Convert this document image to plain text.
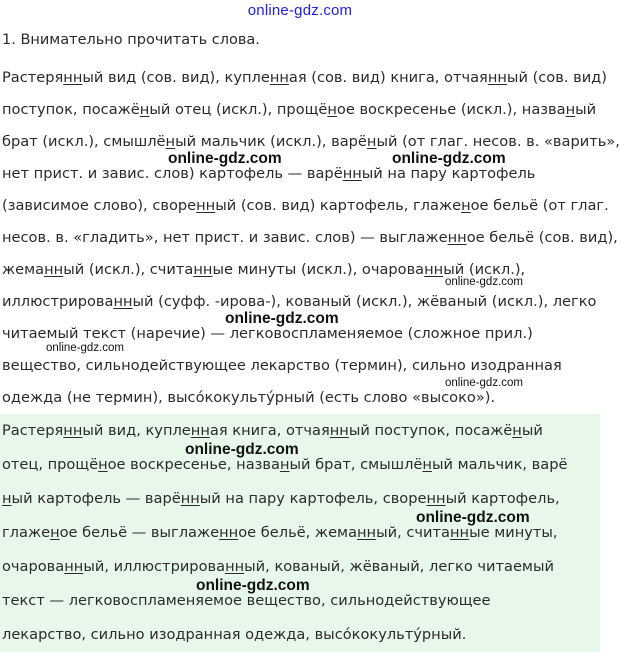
online-gdz.com
1. Внимательно прочитать слова.
Растерянный вид (сов. вид), купленная (сов. вид) книга, отчаянный (сов. вид)
поступок, посажёный отец (искл.), прощёное воскресенье (искл.), названый
брат (искл.), смышлёный мальчик (искл.), варёный (от глаг. несов. в. «варить»,
нет прист. и завис. слов) картофель — варённый на пару картофель
(зависимое слово), своренный (сов. вид) картофель, глаженое бельё (от глаг.
несов. в. «гладить», нет прист. и завис. слов) — выглаженное бельё (сов. вид),
жеманный (искл.), считанные минуты (искл.), очарованный (искл.),
иллюстрированный (суфф. -ирова-), кованый (искл.), жёваный (искл.), легко
читаемый текст (наречие) — легковоспламеняемое (сложное прил.)
вещество, сильнодействующее лекарство (термин), сильно изодранная
одежда (не термин), высо́кокульту́рный (есть слово «высоко»).
Растерянный вид, купленная книга, отчаянный поступок, посажёный
отец, прощёное воскресенье, названый брат, смышлёный мальчик, варё
ный картофель — варённый на пару картофель, своренный картофель,
глаженое бельё — выглаженное бельё, жеманный, считанные минуты,
очарованный, иллюстрированный, кованый, жёваный, легко читаемый
текст — легковоспламеняемое вещество, сильнодействующее
лекарство, сильно изодранная одежда, высо́кокульту́рный.
online-gdz.com	online-gdz.com
online-gdz.com
online-gdz.com
online-gdz.com
online-gdz.com
online-gdz.com
online-gdz.com
online-gdz.com
